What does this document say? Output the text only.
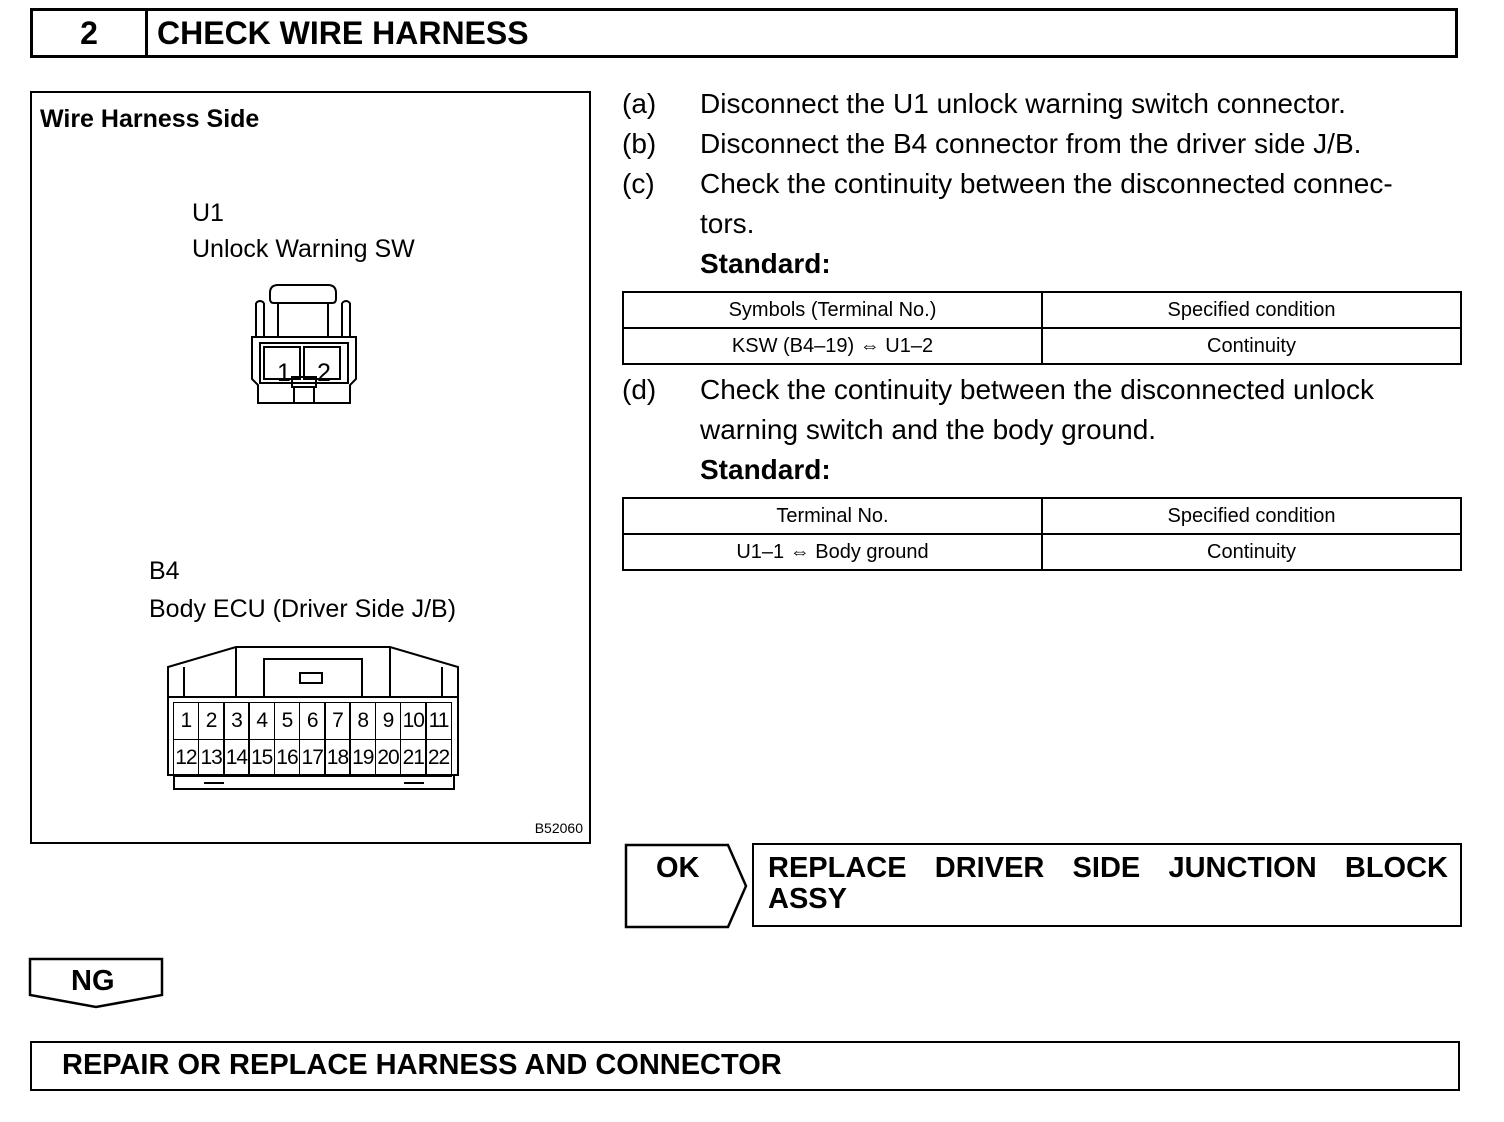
2	CHECK WIRE HARNESS
Wire Harness Side
U1
Unlock Warning SW
1 2
B4
Body ECU (Driver Side J/B)
1 2 3 4 5 6 7 8 9 10 11
12 13 14 15 16 17 18 19 20 21 22
B52060
(a) Disconnect the U1 unlock warning switch connector.
(b) Disconnect the B4 connector from the driver side J/B.
(c) Check the continuity between the disconnected connec-
tors.
Standard:
Symbols (Terminal No.)	Specified condition
KSW (B4–19) ⇔ U1–2	Continuity
(d) Check the continuity between the disconnected unlock
warning switch and the body ground.
Standard:
Terminal No.	Specified condition
U1–1 ⇔ Body ground	Continuity
OK REPLACE DRIVER SIDE JUNCTION BLOCK ASSY
NG
REPAIR OR REPLACE HARNESS AND CONNECTOR
